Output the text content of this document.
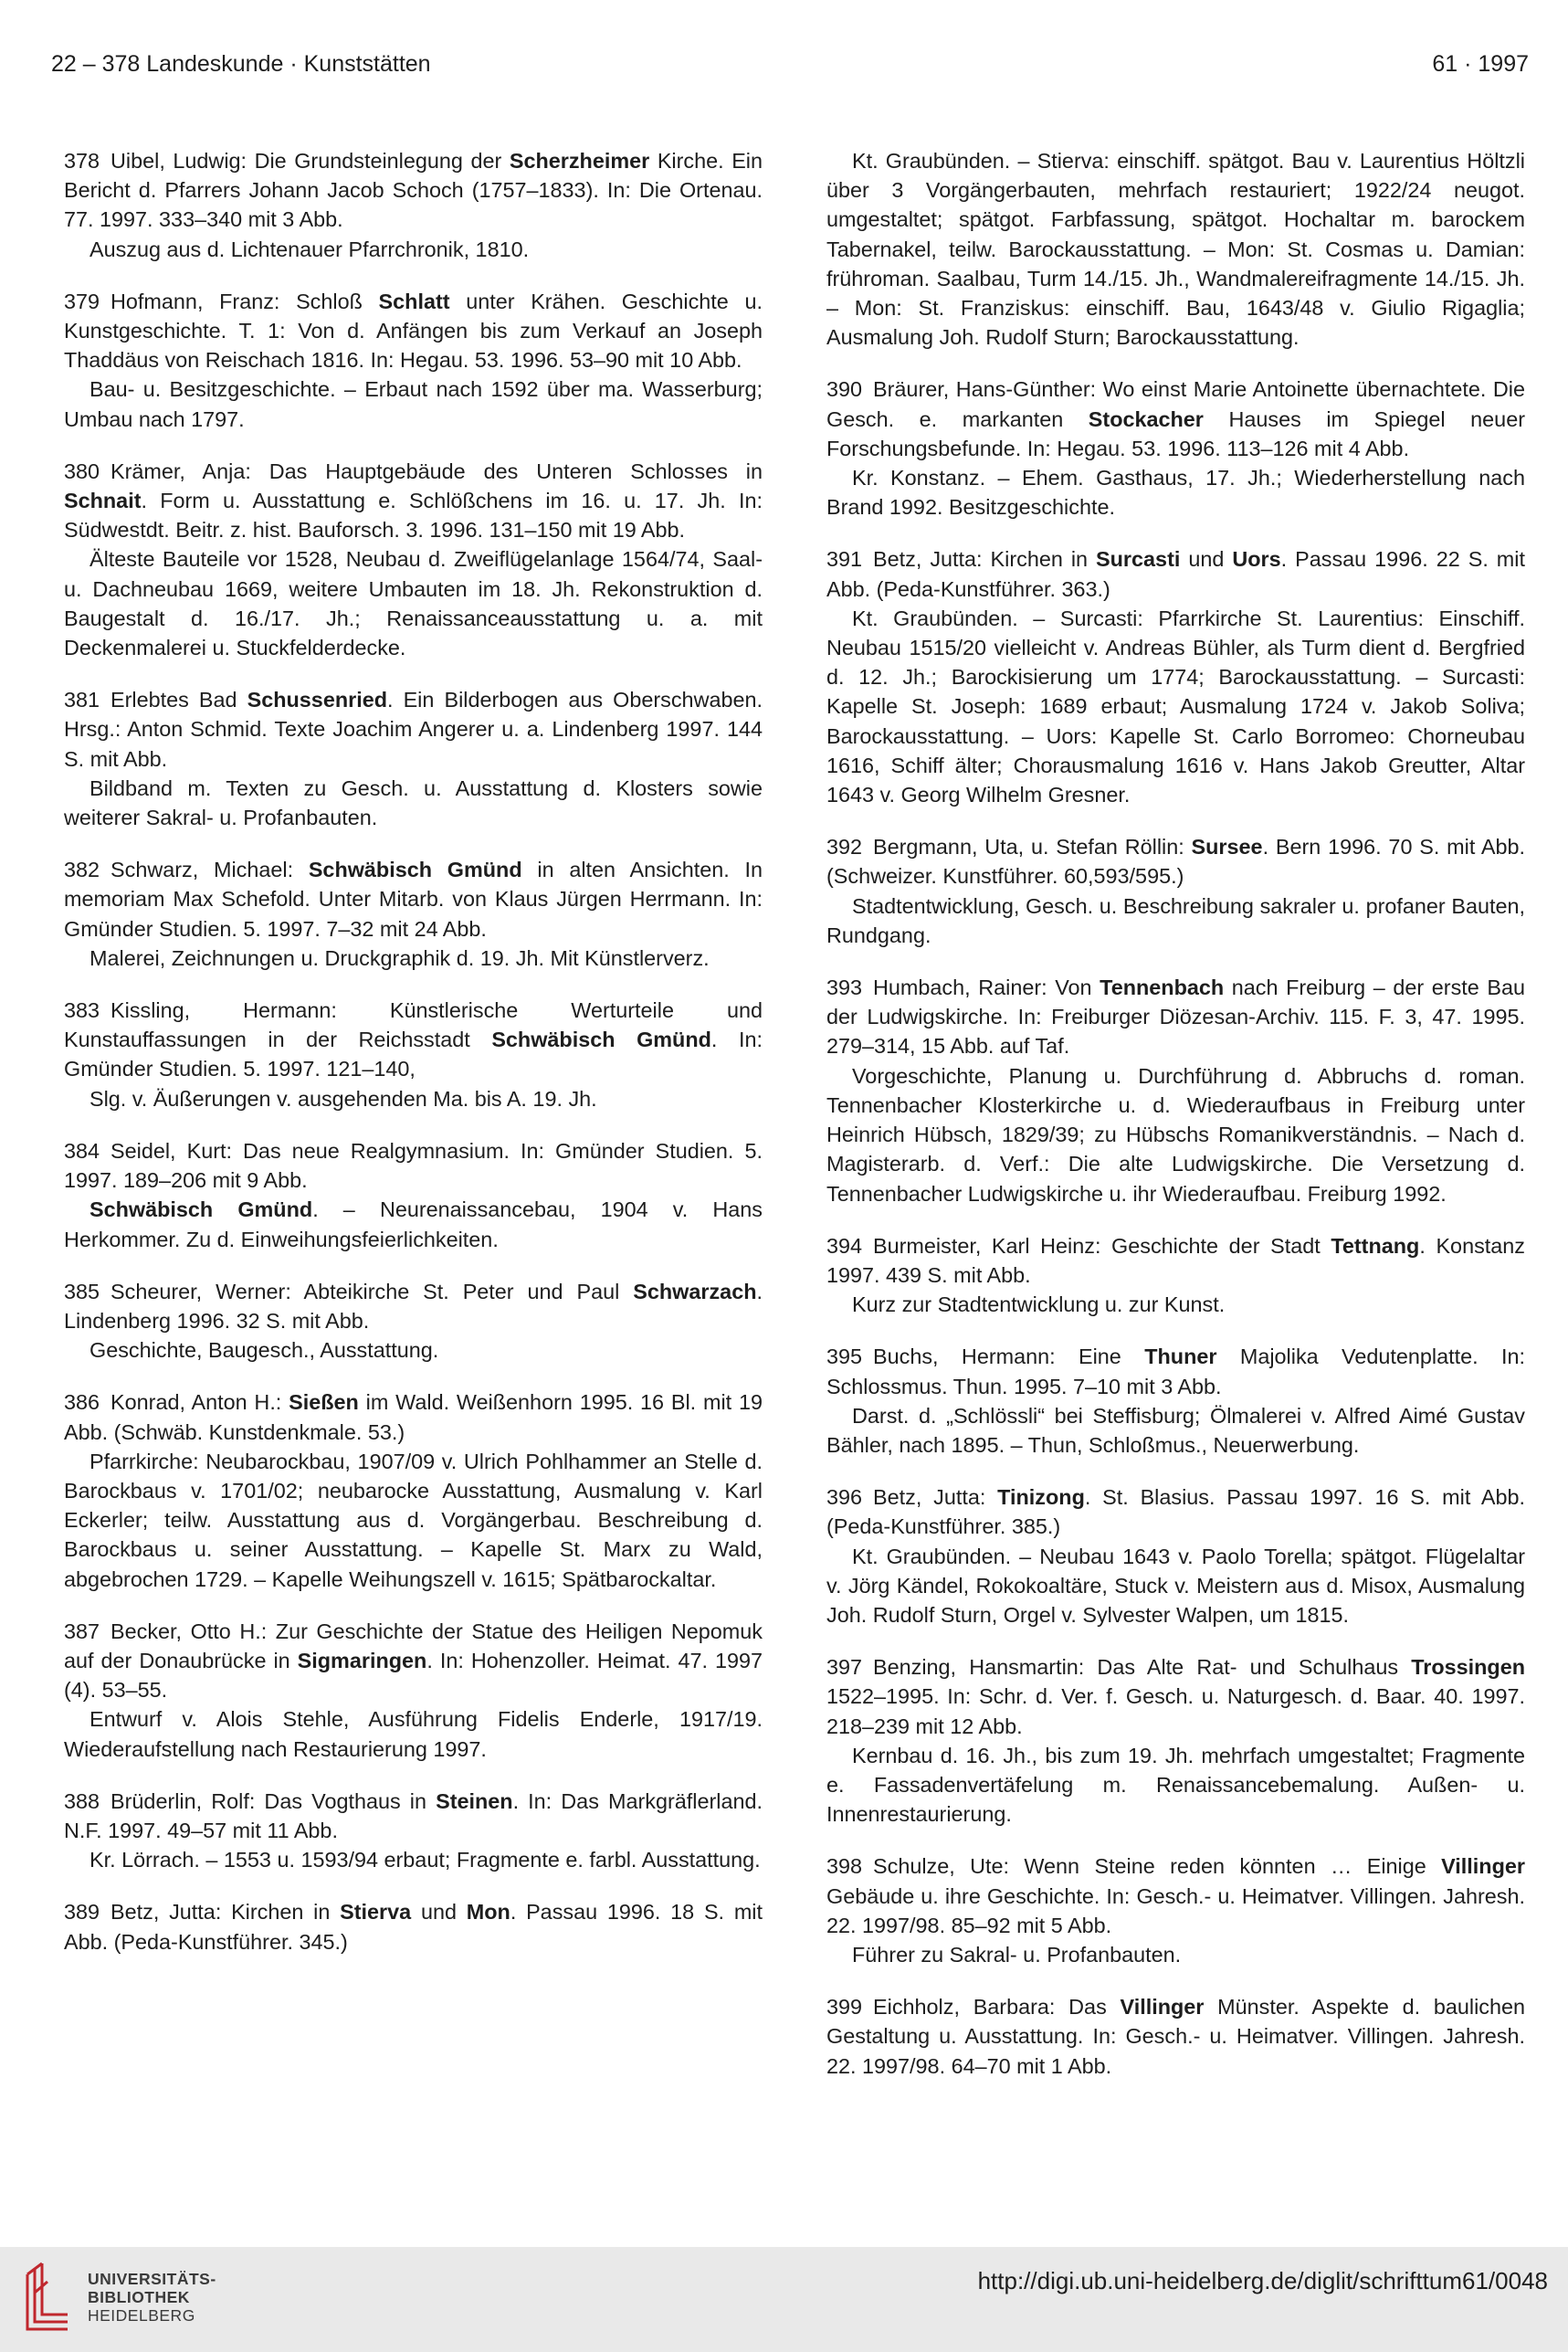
22 – 378 Landeskunde · Kunststätten	61 · 1997
378 Uibel, Ludwig: Die Grundsteinlegung der Scherzheimer Kirche. Ein Bericht d. Pfarrers Johann Jacob Schoch (1757–1833). In: Die Ortenau. 77. 1997. 333–340 mit 3 Abb.
Auszug aus d. Lichtenauer Pfarrchronik, 1810.
379 Hofmann, Franz: Schloß Schlatt unter Krähen. Geschichte u. Kunstgeschichte. T. 1: Von d. Anfängen bis zum Verkauf an Joseph Thaddäus von Reischach 1816. In: Hegau. 53. 1996. 53–90 mit 10 Abb.
Bau- u. Besitzgeschichte. – Erbaut nach 1592 über ma. Wasserburg; Umbau nach 1797.
380 Krämer, Anja: Das Hauptgebäude des Unteren Schlosses in Schnait. Form u. Ausstattung e. Schlößchens im 16. u. 17. Jh. In: Südwestdt. Beitr. z. hist. Bauforsch. 3. 1996. 131–150 mit 19 Abb.
Älteste Bauteile vor 1528, Neubau d. Zweiflügelanlage 1564/74, Saal- u. Dachneubau 1669, weitere Umbauten im 18. Jh. Rekonstruktion d. Baugestalt d. 16./17. Jh.; Renaissanceausstattung u. a. mit Deckenmalerei u. Stuckfelderdecke.
381 Erlebtes Bad Schussenried. Ein Bilderbogen aus Oberschwaben. Hrsg.: Anton Schmid. Texte Joachim Angerer u. a. Lindenberg 1997. 144 S. mit Abb.
Bildband m. Texten zu Gesch. u. Ausstattung d. Klosters sowie weiterer Sakral- u. Profanbauten.
382 Schwarz, Michael: Schwäbisch Gmünd in alten Ansichten. In memoriam Max Schefold. Unter Mitarb. von Klaus Jürgen Herrmann. In: Gmünder Studien. 5. 1997. 7–32 mit 24 Abb.
Malerei, Zeichnungen u. Druckgraphik d. 19. Jh. Mit Künstlerverz.
383 Kissling, Hermann: Künstlerische Werturteile und Kunstauffassungen in der Reichsstadt Schwäbisch Gmünd. In: Gmünder Studien. 5. 1997. 121–140,
Slg. v. Äußerungen v. ausgehenden Ma. bis A. 19. Jh.
384 Seidel, Kurt: Das neue Realgymnasium. In: Gmünder Studien. 5. 1997. 189–206 mit 9 Abb.
Schwäbisch Gmünd. – Neurenaissancebau, 1904 v. Hans Herkommer. Zu d. Einweihungsfeierlichkeiten.
385 Scheurer, Werner: Abteikirche St. Peter und Paul Schwarzach. Lindenberg 1996. 32 S. mit Abb.
Geschichte, Baugesch., Ausstattung.
386 Konrad, Anton H.: Sießen im Wald. Weißenhorn 1995. 16 Bl. mit 19 Abb. (Schwäb. Kunstdenkmale. 53.)
Pfarrkirche: Neubarockbau, 1907/09 v. Ulrich Pohlhammer an Stelle d. Barockbaus v. 1701/02; neubarocke Ausstattung, Ausmalung v. Karl Eckerler; teilw. Ausstattung aus d. Vorgängerbau. Beschreibung d. Barockbaus u. seiner Ausstattung. – Kapelle St. Marx zu Wald, abgebrochen 1729. – Kapelle Weihungszell v. 1615; Spätbarockaltar.
387 Becker, Otto H.: Zur Geschichte der Statue des Heiligen Nepomuk auf der Donaubrücke in Sigmaringen. In: Hohenzoller. Heimat. 47. 1997 (4). 53–55.
Entwurf v. Alois Stehle, Ausführung Fidelis Enderle, 1917/19. Wiederaufstellung nach Restaurierung 1997.
388 Brüderlin, Rolf: Das Vogthaus in Steinen. In: Das Markgräflerland. N.F. 1997. 49–57 mit 11 Abb.
Kr. Lörrach. – 1553 u. 1593/94 erbaut; Fragmente e. farbl. Ausstattung.
389 Betz, Jutta: Kirchen in Stierva und Mon. Passau 1996. 18 S. mit Abb. (Peda-Kunstführer. 345.)
Kt. Graubünden. – Stierva: einschiff. spätgot. Bau v. Laurentius Höltzli über 3 Vorgängerbauten, mehrfach restauriert; 1922/24 neugot. umgestaltet; spätgot. Farbfassung, spätgot. Hochaltar m. barockem Tabernakel, teilw. Barockausstattung. – Mon: St. Cosmas u. Damian: frühroman. Saalbau, Turm 14./15. Jh., Wandmalereifragmente 14./15. Jh. – Mon: St. Franziskus: einschiff. Bau, 1643/48 v. Giulio Rigaglia; Ausmalung Joh. Rudolf Sturn; Barockausstattung.
390 Bräurer, Hans-Günther: Wo einst Marie Antoinette übernachtete. Die Gesch. e. markanten Stockacher Hauses im Spiegel neuer Forschungsbefunde. In: Hegau. 53. 1996. 113–126 mit 4 Abb.
Kr. Konstanz. – Ehem. Gasthaus, 17. Jh.; Wiederherstellung nach Brand 1992. Besitzgeschichte.
391 Betz, Jutta: Kirchen in Surcasti und Uors. Passau 1996. 22 S. mit Abb. (Peda-Kunstführer. 363.)
Kt. Graubünden. – Surcasti: Pfarrkirche St. Laurentius: Einschiff. Neubau 1515/20 vielleicht v. Andreas Bühler, als Turm dient d. Bergfried d. 12. Jh.; Barockisierung um 1774; Barockausstattung. – Surcasti: Kapelle St. Joseph: 1689 erbaut; Ausmalung 1724 v. Jakob Soliva; Barockausstattung. – Uors: Kapelle St. Carlo Borromeo: Chorneubau 1616, Schiff älter; Chorausmalung 1616 v. Hans Jakob Greutter, Altar 1643 v. Georg Wilhelm Gresner.
392 Bergmann, Uta, u. Stefan Röllin: Sursee. Bern 1996. 70 S. mit Abb. (Schweizer. Kunstführer. 60,593/595.)
Stadtentwicklung, Gesch. u. Beschreibung sakraler u. profaner Bauten, Rundgang.
393 Humbach, Rainer: Von Tennenbach nach Freiburg – der erste Bau der Ludwigskirche. In: Freiburger Diözesan-Archiv. 115. F. 3, 47. 1995. 279–314, 15 Abb. auf Taf.
Vorgeschichte, Planung u. Durchführung d. Abbruchs d. roman. Tennenbacher Klosterkirche u. d. Wiederaufbaus in Freiburg unter Heinrich Hübsch, 1829/39; zu Hübschs Romanikverständnis. – Nach d. Magisterarb. d. Verf.: Die alte Ludwigskirche. Die Versetzung d. Tennenbacher Ludwigskirche u. ihr Wiederaufbau. Freiburg 1992.
394 Burmeister, Karl Heinz: Geschichte der Stadt Tettnang. Konstanz 1997. 439 S. mit Abb.
Kurz zur Stadtentwicklung u. zur Kunst.
395 Buchs, Hermann: Eine Thuner Majolika Vedutenplatte. In: Schlossmus. Thun. 1995. 7–10 mit 3 Abb.
Darst. d. „Schlössli“ bei Steffisburg; Ölmalerei v. Alfred Aimé Gustav Bähler, nach 1895. – Thun, Schloßmus., Neuerwerbung.
396 Betz, Jutta: Tinizong. St. Blasius. Passau 1997. 16 S. mit Abb. (Peda-Kunstführer. 385.)
Kt. Graubünden. – Neubau 1643 v. Paolo Torella; spätgot. Flügelaltar v. Jörg Kändel, Rokokoaltäre, Stuck v. Meistern aus d. Misox, Ausmalung Joh. Rudolf Sturn, Orgel v. Sylvester Walpen, um 1815.
397 Benzing, Hansmartin: Das Alte Rat- und Schulhaus Trossingen 1522–1995. In: Schr. d. Ver. f. Gesch. u. Naturgesch. d. Baar. 40. 1997. 218–239 mit 12 Abb.
Kernbau d. 16. Jh., bis zum 19. Jh. mehrfach umgestaltet; Fragmente e. Fassadenvertäfelung m. Renaissancebemalung. Außen- u. Innenrestaurierung.
398 Schulze, Ute: Wenn Steine reden könnten … Einige Villinger Gebäude u. ihre Geschichte. In: Gesch.- u. Heimatver. Villingen. Jahresh. 22. 1997/98. 85–92 mit 5 Abb.
Führer zu Sakral- u. Profanbauten.
399 Eichholz, Barbara: Das Villinger Münster. Aspekte d. baulichen Gestaltung u. Ausstattung. In: Gesch.- u. Heimatver. Villingen. Jahresh. 22. 1997/98. 64–70 mit 1 Abb.
UNIVERSITÄTS-
BIBLIOTHEK
HEIDELBERG
http://digi.ub.uni-heidelberg.de/diglit/schrifttum61/0048
